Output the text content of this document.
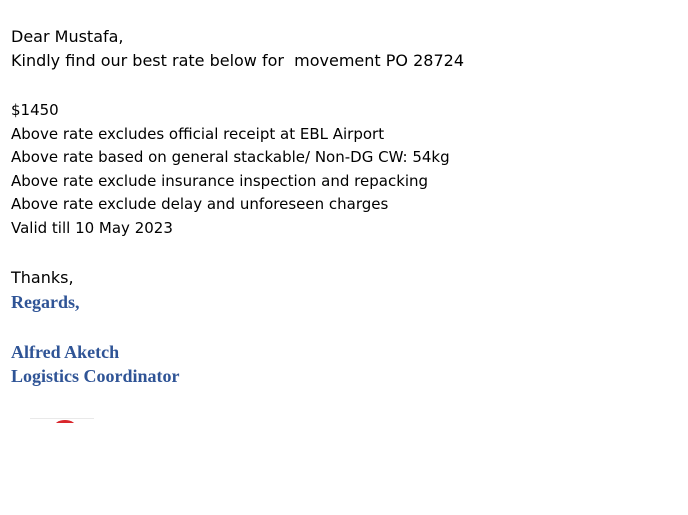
Dear Mustafa,
Kindly find our best rate below for  movement PO 28724
$1450
Above rate excludes official receipt at EBL Airport
Above rate based on general stackable/ Non-DG CW: 54kg
Above rate exclude insurance inspection and repacking
Above rate exclude delay and unforeseen charges
Valid till 10 May 2023
Thanks,
Regards,
Alfred Aketch
Logistics Coordinator
